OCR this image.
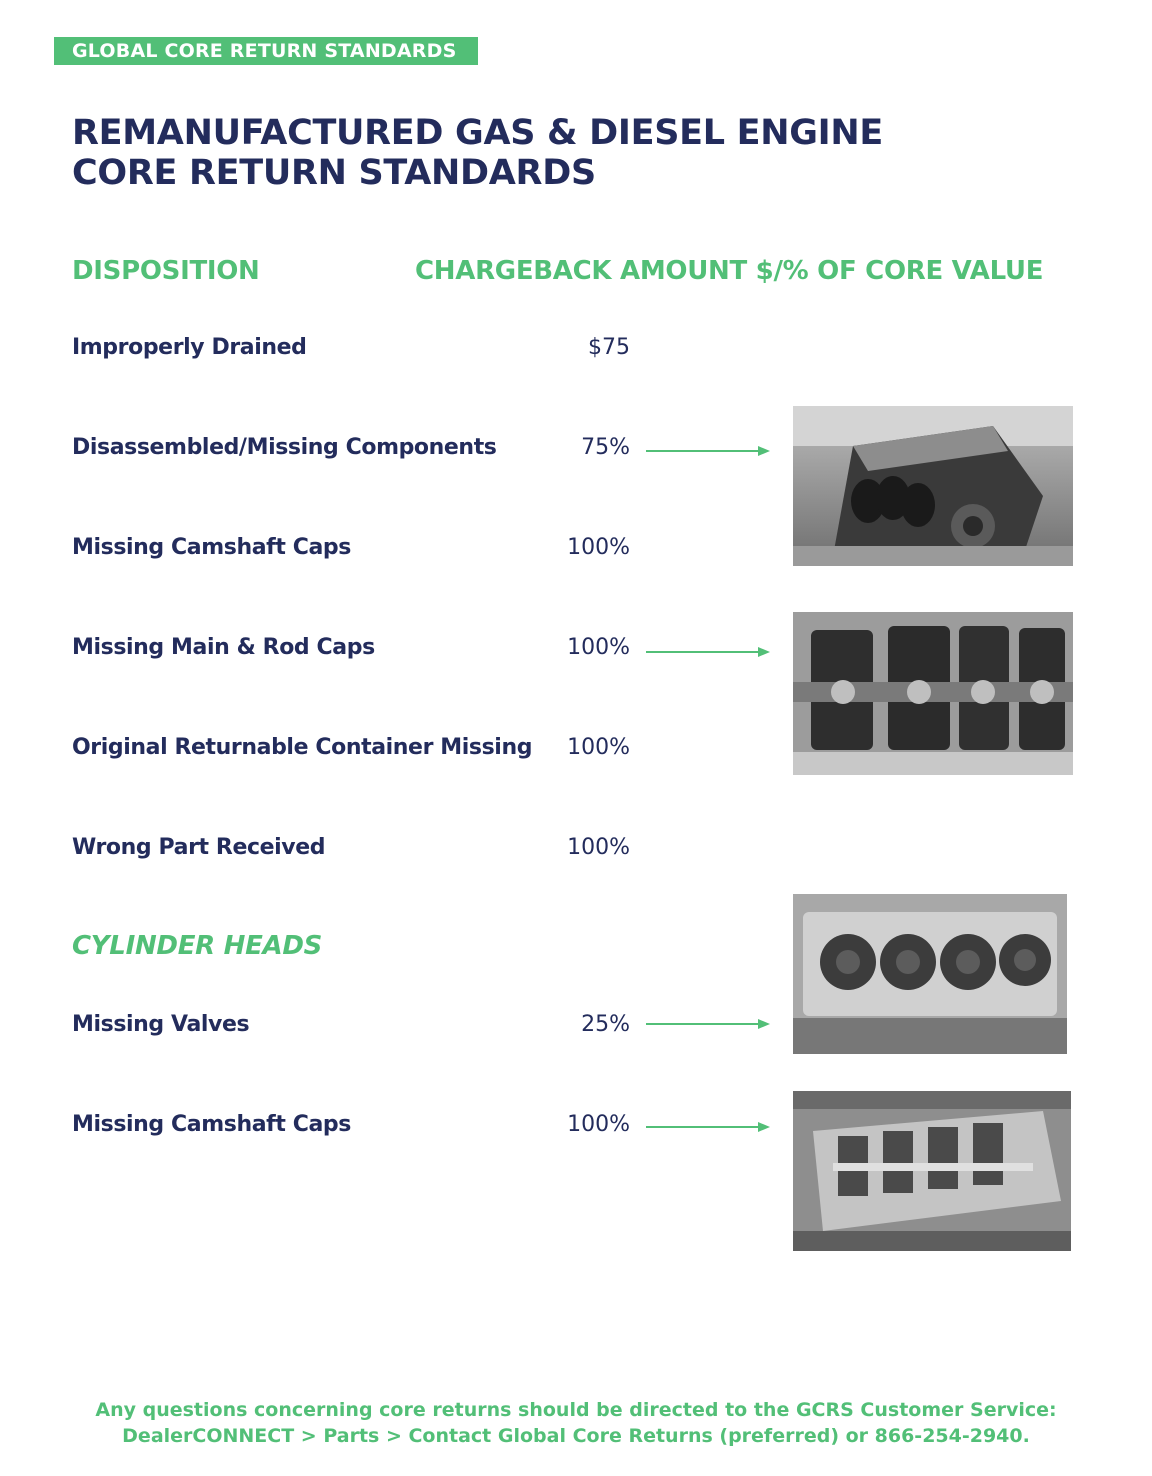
GLOBAL CORE RETURN STANDARDS
REMANUFACTURED GAS & DIESEL ENGINE
CORE RETURN STANDARDS
DISPOSITION	CHARGEBACK AMOUNT $/% OF CORE VALUE
Improperly Drained	$75
Disassembled/Missing Components	75%
Missing Camshaft Caps	100%
Missing Main & Rod Caps	100%
Original Returnable Container Missing 100%
Wrong Part Received	100%
CYLINDER HEADS
Missing Valves	25%
Missing Camshaft Caps	100%
Any questions concerning core returns should be directed to the GCRS Customer Service:
DealerCONNECT > Parts > Contact Global Core Returns (preferred) or 866-254-2940.
